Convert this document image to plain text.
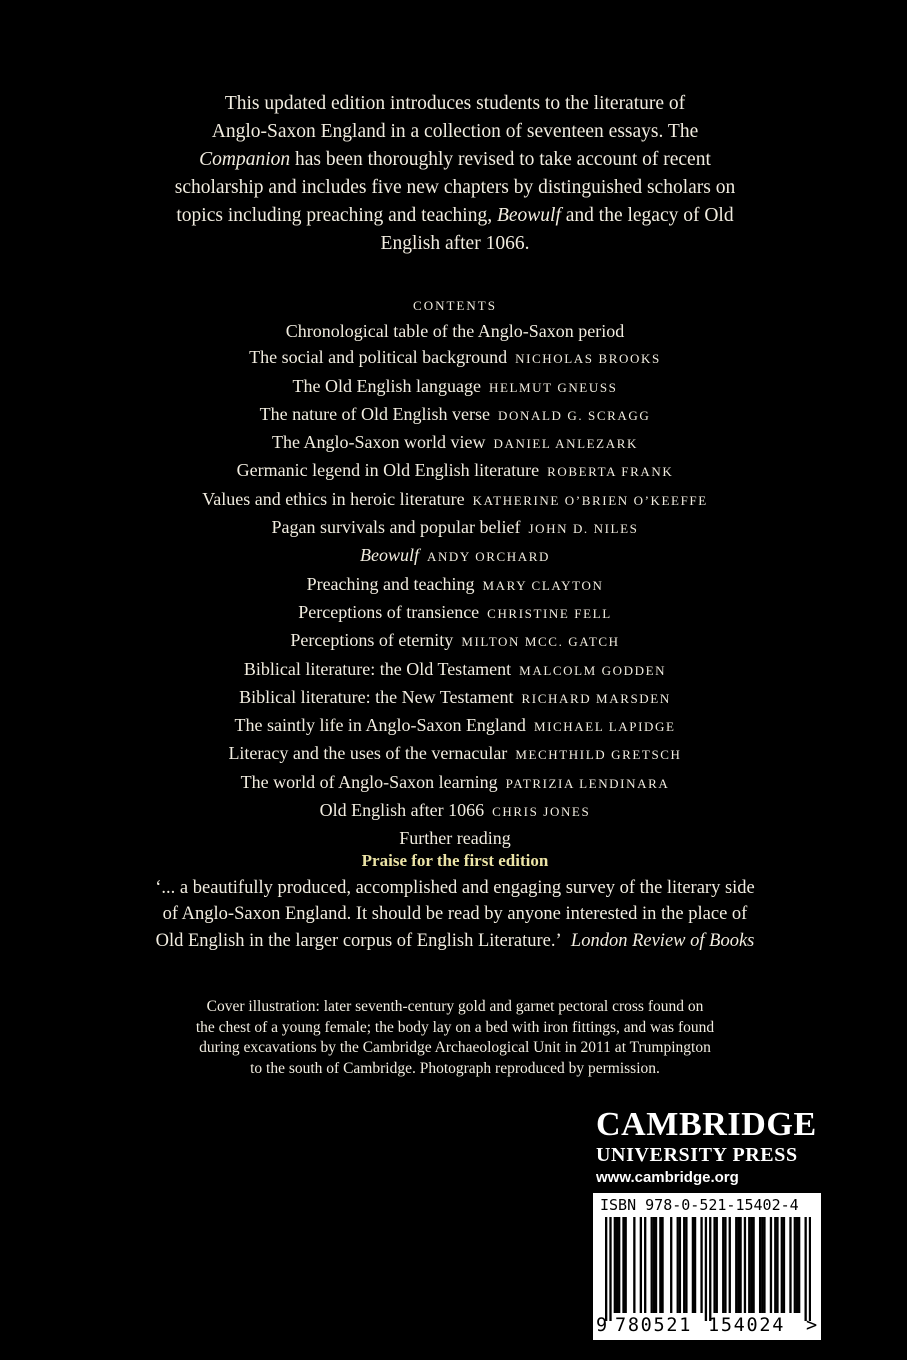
This updated edition introduces students to the literature of
Anglo-Saxon England in a collection of seventeen essays. The
Companion has been thoroughly revised to take account of recent
scholarship and includes five new chapters by distinguished scholars on
topics including preaching and teaching, Beowulf and the legacy of Old
English after 1066.
CONTENTS
Chronological table of the Anglo-Saxon period
The social and political background NICHOLAS BROOKS
The Old English language HELMUT GNEUSS
The nature of Old English verse DONALD G. SCRAGG
The Anglo-Saxon world view DANIEL ANLEZARK
Germanic legend in Old English literature ROBERTA FRANK
Values and ethics in heroic literature KATHERINE O’BRIEN O’KEEFFE
Pagan survivals and popular belief JOHN D. NILES
Beowulf ANDY ORCHARD
Preaching and teaching MARY CLAYTON
Perceptions of transience CHRISTINE FELL
Perceptions of eternity MILTON MCC. GATCH
Biblical literature: the Old Testament MALCOLM GODDEN
Biblical literature: the New Testament RICHARD MARSDEN
The saintly life in Anglo-Saxon England MICHAEL LAPIDGE
Literacy and the uses of the vernacular MECHTHILD GRETSCH
The world of Anglo-Saxon learning PATRIZIA LENDINARA
Old English after 1066 CHRIS JONES
Further reading
Praise for the first edition
‘... a beautifully produced, accomplished and engaging survey of the literary side
of Anglo-Saxon England. It should be read by anyone interested in the place of
Old English in the larger corpus of English Literature.’ London Review of Books
Cover illustration: later seventh-century gold and garnet pectoral cross found on
the chest of a young female; the body lay on a bed with iron fittings, and was found
during excavations by the Cambridge Archaeological Unit in 2011 at Trumpington
to the south of Cambridge. Photograph reproduced by permission.
CAMBRIDGE
UNIVERSITY PRESS
www.cambridge.org
ISBN 978-0-521-15402-4
9 780521 154024 >
